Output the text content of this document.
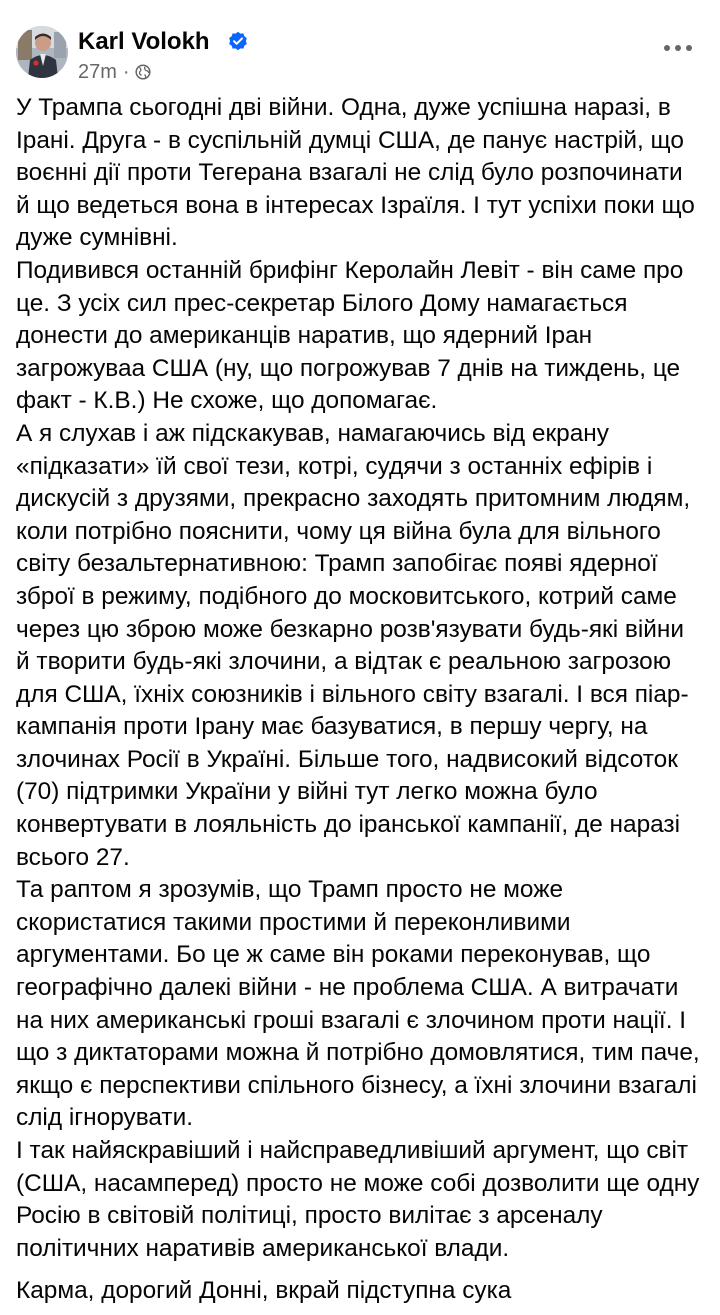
Karl Volokh
27m ·

У Трампа сьогодні дві війни. Одна, дуже успішна наразі, в Ірані. Друга - в суспільній думці США, де панує настрій, що воєнні дії проти Тегерана взагалі не слід було розпочинати й що ведеться вона в інтересах Ізраїля. І тут успіхи поки що дуже сумнівні.

Подивився останній брифінг Керолайн Левіт - він саме про це. З усіх сил прес-секретар Білого Дому намагається донести до американців наратив, що ядерний Іран загрожуваа США (ну, що погрожував 7 днів на тиждень, це факт - К.В.) Не схоже, що допомагає.

А я слухав і аж підскакував, намагаючись від екрану «підказати» їй свої тези, котрі, судячи з останніх ефірів і дискусій з друзями, прекрасно заходять притомним людям, коли потрібно пояснити, чому ця війна була для вільного світу безальтернативною: Трамп запобігає появі ядерної зброї в режиму, подібного до московитського, котрий саме через цю зброю може безкарно розв'язувати будь-які війни й творити будь-які злочини, а відтак є реальною загрозою для США, їхніх союзників і вільного світу взагалі. І вся піар-кампанія проти Ірану має базуватися, в першу чергу, на злочинах Росії в Україні. Більше того, надвисокий відсоток (70) підтримки України у війні тут легко можна було конвертувати в лояльність до іранської кампанії, де наразі всього 27.

Та раптом я зрозумів, що Трамп просто не може скористатися такими простими й переконливими аргументами. Бо це ж саме він роками переконував, що географічно далекі війни - не проблема США. А витрачати на них американські гроші взагалі є злочином проти нації. І що з диктаторами можна й потрібно домовлятися, тим паче, якщо є перспективи спільного бізнесу, а їхні злочини взагалі слід ігнорувати.

І так найяскравіший і найсправедливіший аргумент, що світ (США, насамперед) просто не може собі дозволити ще одну Росію в світовій політиці, просто вилітає з арсеналу політичних наративів американської влади.

Карма, дорогий Донні, вкрай підступна сука
